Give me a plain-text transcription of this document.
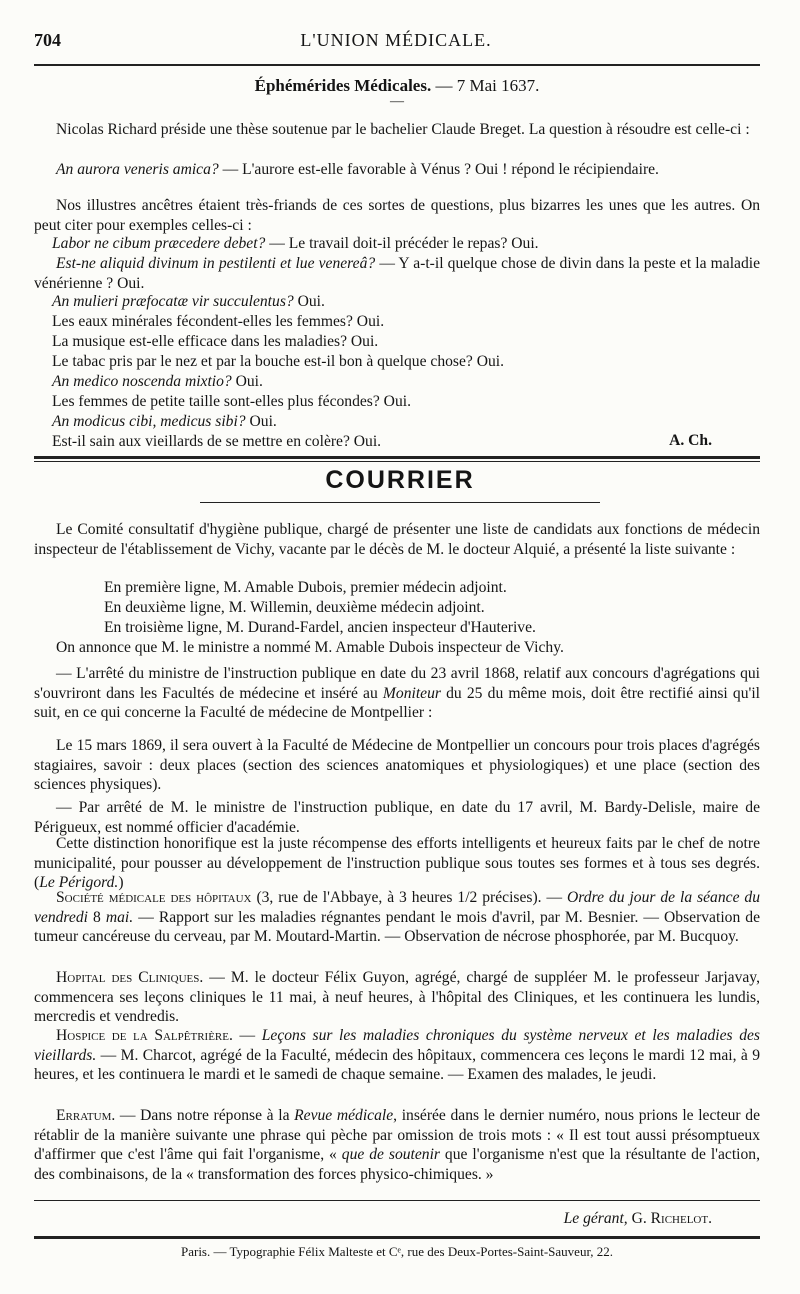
704	L'UNION MÉDICALE.
Éphémérides Médicales. — 7 Mai 1637.
—

Nicolas Richard préside une thèse soutenue par le bachelier Claude Breget. La question à résoudre est celle-ci :

An aurora veneris amica? — L'aurore est-elle favorable à Vénus ? Oui ! répond le récipiendaire.

Nos illustres ancêtres étaient très-friands de ces sortes de questions, plus bizarres les unes que les autres. On peut citer pour exemples celles-ci :

Labor ne cibum præcedere debet? — Le travail doit-il précéder le repas? Oui.

Est-ne aliquid divinum in pestilenti et lue venereâ? — Y a-t-il quelque chose de divin dans la peste et la maladie vénérienne ? Oui.

An mulieri præfocatæ vir succulentus? Oui.
Les eaux minérales fécondent-elles les femmes? Oui.
La musique est-elle efficace dans les maladies? Oui.
Le tabac pris par le nez et par la bouche est-il bon à quelque chose? Oui.
An medico noscenda mixtio? Oui.
Les femmes de petite taille sont-elles plus fécondes? Oui.
An modicus cibi, medicus sibi? Oui.
Est-il sain aux vieillards de se mettre en colère? Oui.	A. Ch.
COURRIER

Le Comité consultatif d'hygiène publique, chargé de présenter une liste de candidats aux fonctions de médecin inspecteur de l'établissement de Vichy, vacante par le décès de M. le docteur Alquié, a présenté la liste suivante :

En première ligne, M. Amable Dubois, premier médecin adjoint.
En deuxième ligne, M. Willemin, deuxième médecin adjoint.
En troisième ligne, M. Durand-Fardel, ancien inspecteur d'Hauterive.
On annonce que M. le ministre a nommé M. Amable Dubois inspecteur de Vichy.

— L'arrêté du ministre de l'instruction publique en date du 23 avril 1868, relatif aux concours d'agrégations qui s'ouvriront dans les Facultés de médecine et inséré au Moniteur du 25 du même mois, doit être rectifié ainsi qu'il suit, en ce qui concerne la Faculté de médecine de Montpellier :

Le 15 mars 1869, il sera ouvert à la Faculté de Médecine de Montpellier un concours pour trois places d'agrégés stagiaires, savoir : deux places (section des sciences anatomiques et physiologiques) et une place (section des sciences physiques).

— Par arrêté de M. le ministre de l'instruction publique, en date du 17 avril, M. Bardy-Delisle, maire de Périgueux, est nommé officier d'académie.

Cette distinction honorifique est la juste récompense des efforts intelligents et heureux faits par le chef de notre municipalité, pour pousser au développement de l'instruction publique sous toutes ses formes et à tous ses degrés. (Le Périgord.)

Société médicale des hôpitaux (3, rue de l'Abbaye, à 3 heures 1/2 précises). — Ordre du jour de la séance du vendredi 8 mai. — Rapport sur les maladies régnantes pendant le mois d'avril, par M. Besnier. — Observation de tumeur cancéreuse du cerveau, par M. Moutard-Martin. — Observation de nécrose phosphorée, par M. Bucquoy.

Hopital des Cliniques. — M. le docteur Félix Guyon, agrégé, chargé de suppléer M. le professeur Jarjavay, commencera ses leçons cliniques le 11 mai, à neuf heures, à l'hôpital des Cliniques, et les continuera les lundis, mercredis et vendredis.

Hospice de la Salpêtrière. — Leçons sur les maladies chroniques du système nerveux et les maladies des vieillards. — M. Charcot, agrégé de la Faculté, médecin des hôpitaux, commencera ces leçons le mardi 12 mai, à 9 heures, et les continuera le mardi et le samedi de chaque semaine. — Examen des malades, le jeudi.

Erratum. — Dans notre réponse à la Revue médicale, insérée dans le dernier numéro, nous prions le lecteur de rétablir de la manière suivante une phrase qui pèche par omission de trois mots : « Il est tout aussi présomptueux d'affirmer que c'est l'âme qui fait l'organisme, « que de soutenir que l'organisme n'est que la résultante de l'action, des combinaisons, de la « transformation des forces physico-chimiques. »

Le gérant, G. Richelot.
Paris. — Typographie Félix Malteste et Cᵉ, rue des Deux-Portes-Saint-Sauveur, 22.
